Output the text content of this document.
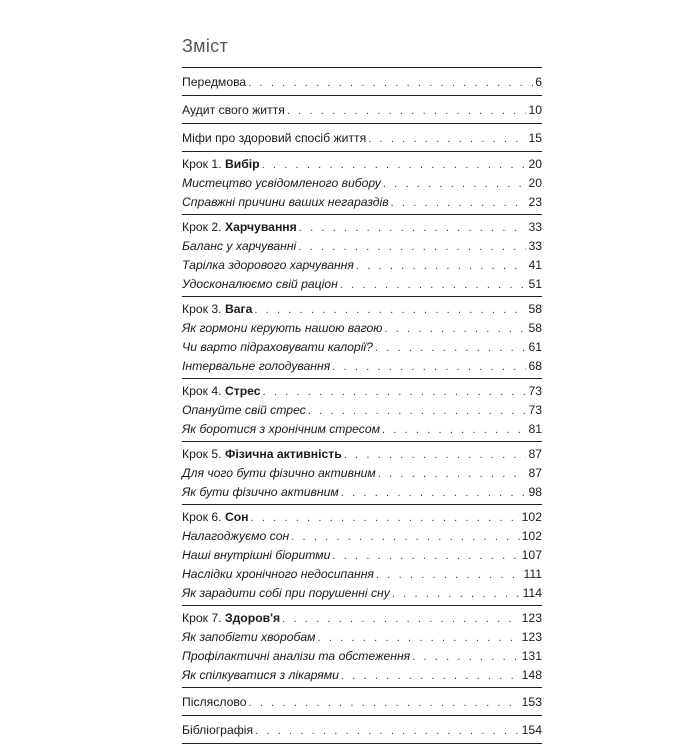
Зміст
Передмова . . .	6
Аудит свого життя . . .	10
Міфи про здоровий спосіб життя . . .	15
Крок 1. Вибір . . .	20
Мистецтво усвідомленого вибору . . .	20
Справжні причини ваших негараздів . . .	23
Крок 2. Харчування . . .	33
Баланс у харчуванні . . .	33
Тарілка здорового харчування . . .	41
Удосконалюємо свій раціон . . .	51
Крок 3. Вага . . .	58
Як гормони керують нашою вагою . . .	58
Чи варто підраховувати калорії? . . .	61
Інтервальне голодування . . .	68
Крок 4. Стрес . . .	73
Опануйте свій стрес . . .	73
Як боротися з хронічним стресом . . .	81
Крок 5. Фізична активність . . .	87
Для чого бути фізично активним . . .	87
Як бути фізично активним . . .	98
Крок 6. Сон . . .	102
Налагоджуємо сон . . .	102
Наші внутрішні біоритми . . .	107
Наслідки хронічного недосипання . . .	111
Як зарадити собі при порушенні сну . . .	114
Крок 7. Здоров'я . . .	123
Як запобігти хворобам . . .	123
Профілактичні аналізи та обстеження . . .	131
Як спілкуватися з лікарями . . .	148
Післяслово . . .	153
Бібліографія . . .	154
